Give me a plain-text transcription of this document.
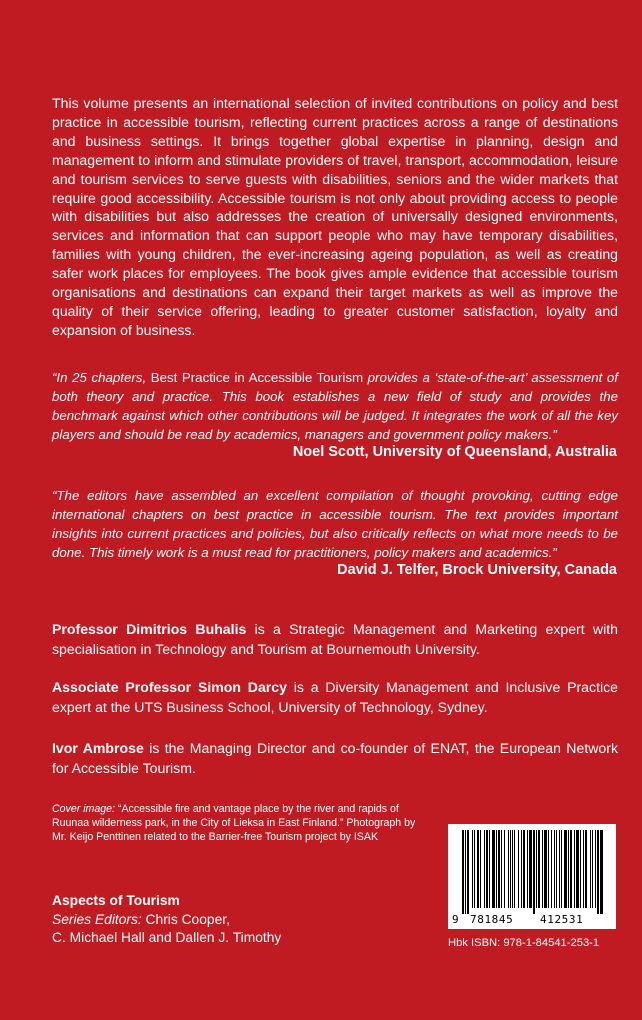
This volume presents an international selection of invited contributions on policy and best practice in accessible tourism, reflecting current practices across a range of destinations and business settings. It brings together global expertise in planning, design and management to inform and stimulate providers of travel, transport, accommodation, leisure and tourism services to serve guests with disabilities, seniors and the wider markets that require good accessibility. Accessible tourism is not only about providing access to people with disabilities but also addresses the creation of universally designed environments, services and information that can support people who may have temporary disabilities, families with young children, the ever-increasing ageing population, as well as creating safer work places for employees. The book gives ample evidence that accessible tourism organisations and destinations can expand their target markets as well as improve the quality of their service offering, leading to greater customer satisfaction, loyalty and expansion of business.

“In 25 chapters, Best Practice in Accessible Tourism provides a ‘state-of-the-art’ assessment of both theory and practice. This book establishes a new field of study and provides the benchmark against which other contributions will be judged. It integrates the work of all the key players and should be read by academics, managers and government policy makers.”

Noel Scott, University of Queensland, Australia

“The editors have assembled an excellent compilation of thought provoking, cutting edge international chapters on best practice in accessible tourism. The text provides important insights into current practices and policies, but also critically reflects on what more needs to be done. This timely work is a must read for practitioners, policy makers and academics.”

David J. Telfer, Brock University, Canada

Professor Dimitrios Buhalis is a Strategic Management and Marketing expert with specialisation in Technology and Tourism at Bournemouth University.

Associate Professor Simon Darcy is a Diversity Management and Inclusive Practice expert at the UTS Business School, University of Technology, Sydney.

Ivor Ambrose is the Managing Director and co-founder of ENAT, the European Network for Accessible Tourism.

Cover image: “Accessible fire and vantage place by the river and rapids of Ruunaa wilderness park, in the City of Lieksa in East Finland.” Photograph by Mr. Keijo Penttinen related to the Barrier-free Tourism project by ISAK

Aspects of Tourism
Series Editors: Chris Cooper,
C. Michael Hall and Dallen J. Timothy
9 781845 412531

Hbk ISBN: 978-1-84541-253-1
